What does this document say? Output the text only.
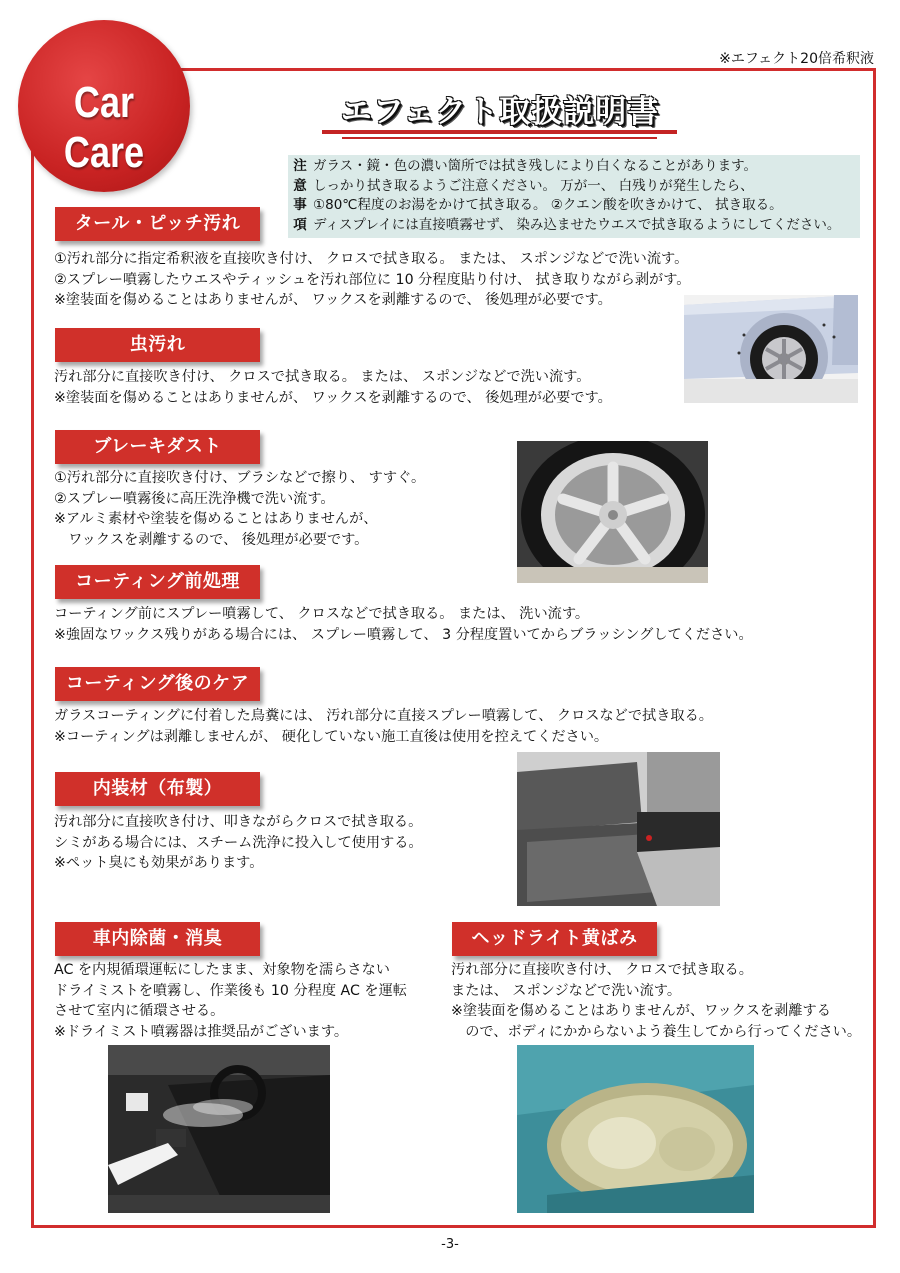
※エフェクト20倍希釈液
Car Care
エフェクト取扱説明書
注
意
事
項
ガラス・鏡・色の濃い箇所では拭き残しにより白くなることがあります。
しっかり拭き取るようご注意ください。 万が一、 白残りが発生したら、
①80℃程度のお湯をかけて拭き取る。 ②クエン酸を吹きかけて、 拭き取る。
ディスプレイには直接噴霧せず、 染み込ませたウエスで拭き取るようにしてください。
タール・ピッチ汚れ
①汚れ部分に指定希釈液を直接吹き付け、 クロスで拭き取る。 または、 スポンジなどで洗い流す。
②スプレー噴霧したウエスやティッシュを汚れ部位に 10 分程度貼り付け、 拭き取りながら剥がす。
※塗装面を傷めることはありませんが、 ワックスを剥離するので、 後処理が必要です。
虫汚れ
汚れ部分に直接吹き付け、 クロスで拭き取る。 または、 スポンジなどで洗い流す。
※塗装面を傷めることはありませんが、 ワックスを剥離するので、 後処理が必要です。
ブレーキダスト
①汚れ部分に直接吹き付け、ブラシなどで擦り、 すすぐ。
②スプレー噴霧後に高圧洗浄機で洗い流す。
※アルミ素材や塗装を傷めることはありませんが、
　ワックスを剥離するので、 後処理が必要です。
コーティング前処理
コーティング前にスプレー噴霧して、 クロスなどで拭き取る。 または、 洗い流す。
※強固なワックス残りがある場合には、 スプレー噴霧して、 3 分程度置いてからブラッシングしてください。
コーティング後のケア
ガラスコーティングに付着した鳥糞には、 汚れ部分に直接スプレー噴霧して、 クロスなどで拭き取る。
※コーティングは剥離しませんが、 硬化していない施工直後は使用を控えてください。
内装材（布製）
汚れ部分に直接吹き付け、叩きながらクロスで拭き取る。
シミがある場合には、スチーム洗浄に投入して使用する。
※ペット臭にも効果があります。
車内除菌・消臭
AC を内規循環運転にしたまま、対象物を濡らさない
ドライミストを噴霧し、作業後も 10 分程度 AC を運転
させて室内に循環させる。
※ドライミスト噴霧器は推奨品がございます。
ヘッドライト黄ばみ
汚れ部分に直接吹き付け、 クロスで拭き取る。
または、 スポンジなどで洗い流す。
※塗装面を傷めることはありませんが、ワックスを剥離する
　ので、ボディにかからないよう養生してから行ってください。
-3-
